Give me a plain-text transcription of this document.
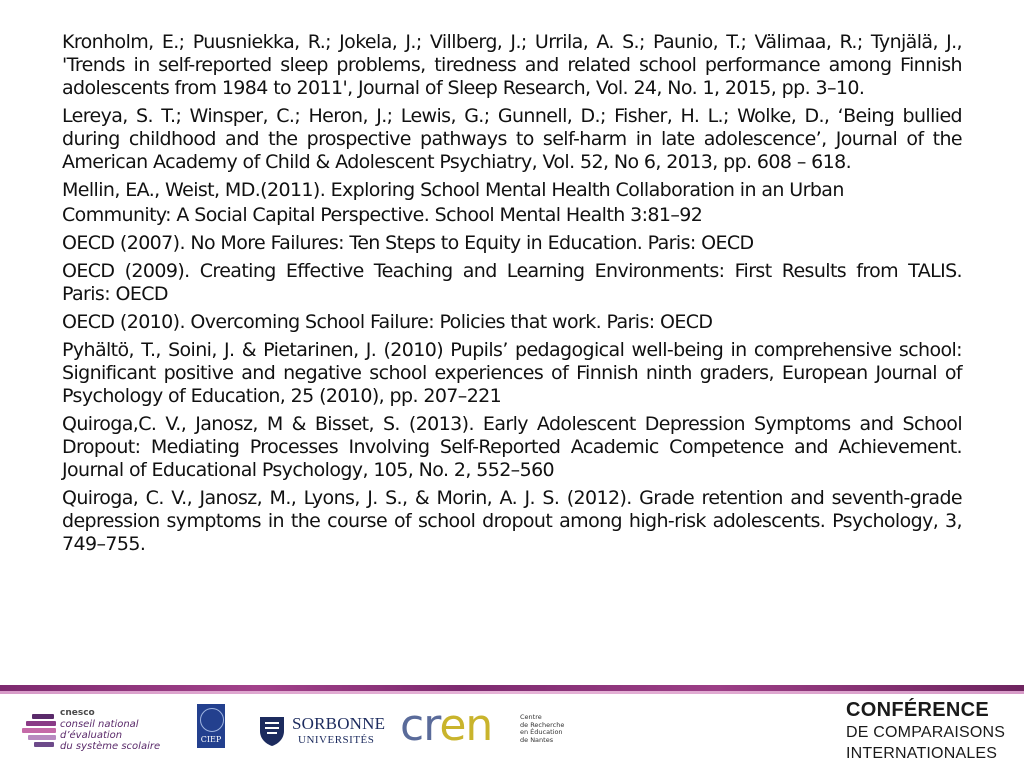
Kronholm, E.; Puusniekka, R.; Jokela, J.; Villberg, J.; Urrila, A. S.; Paunio, T.; Välimaa, R.; Tynjälä, J., 'Trends in self-reported sleep problems, tiredness and related school performance among Finnish adolescents from 1984 to 2011', Journal of Sleep Research, Vol. 24, No. 1, 2015, pp. 3–10.

Lereya, S. T.; Winsper, C.; Heron, J.; Lewis, G.; Gunnell, D.; Fisher, H. L.; Wolke, D., ‘Being bullied during childhood and the prospective pathways to self-harm in late adolescence’, Journal of the American Academy of Child & Adolescent Psychiatry, Vol. 52, No 6, 2013, pp. 608 – 618.

Mellin, EA., Weist, MD.(2011). Exploring School Mental Health Collaboration in an Urban

Community: A Social Capital Perspective. School Mental Health 3:81–92

OECD (2007). No More Failures: Ten Steps to Equity in Education. Paris: OECD

OECD (2009). Creating Effective Teaching and Learning Environments: First Results from TALIS. Paris: OECD

OECD (2010). Overcoming School Failure: Policies that work. Paris: OECD

Pyhältö, T., Soini, J. & Pietarinen, J. (2010) Pupils’ pedagogical well-being in comprehensive school: Significant positive and negative school experiences of Finnish ninth graders, European Journal of Psychology of Education, 25 (2010), pp. 207–221

Quiroga,C. V., Janosz, M & Bisset, S. (2013). Early Adolescent Depression Symptoms and School Dropout: Mediating Processes Involving Self-Reported Academic Competence and Achievement. Journal of Educational Psychology, 105, No. 2, 552–560

Quiroga, C. V., Janosz, M., Lyons, J. S., & Morin, A. J. S. (2012). Grade retention and seventh-grade depression symptoms in the course of school dropout among high-risk adolescents. Psychology, 3, 749–755.

cnesco
conseil national
d’évaluation
du système scolaire
CIEP
SORBONNE
UNIVERSITÉS cren	Centre
de Recherche
en Éducation
de Nantes
CONFÉRENCE
DE COMPARAISONS
INTERNATIONALES
